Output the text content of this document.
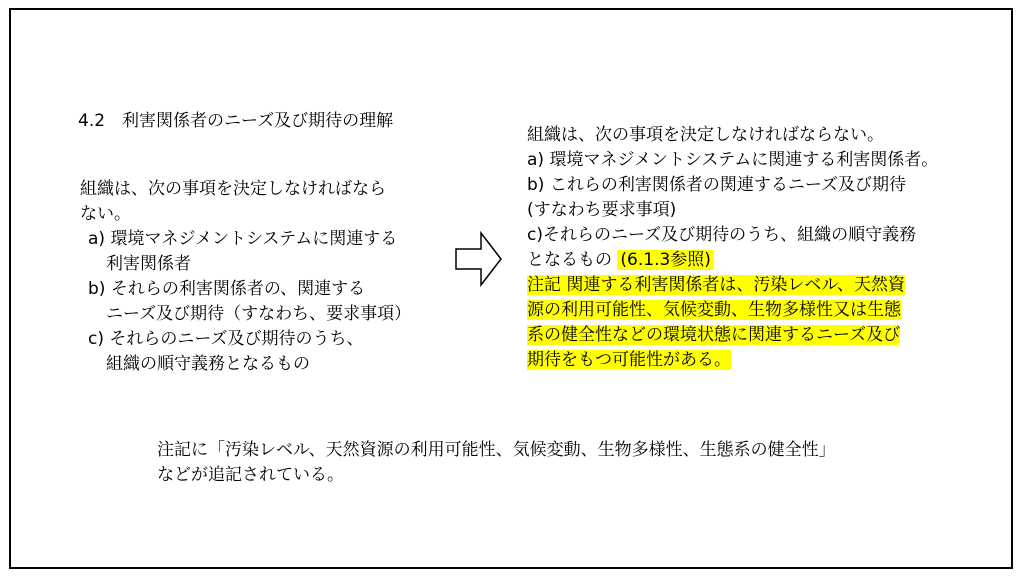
4.2　利害関係者のニーズ及び期待の理解

組織は、次の事項を決定しなければなら
ない。

a) 環境マネジメントシステムに関連する
利害関係者
b) それらの利害関係者の、関連する
ニーズ及び期待（すなわち、要求事項）
c) それらのニーズ及び期待のうち、
組織の順守義務となるもの
組織は、次の事項を決定しなければならない。
a) 環境マネジメントシステムに関連する利害関係者。
b) これらの利害関係者の関連するニーズ及び期待
(すなわち要求事項)
c)それらのニーズ及び期待のうち、組織の順守義務
となるもの (6.1.3参照)
注記 関連する利害関係者は、汚染レベル、天然資
源の利用可能性、気候変動、生物多様性又は生態
系の健全性などの環境状態に関連するニーズ及び
期待をもつ可能性がある。
注記に「汚染レベル、天然資源の利用可能性、気候変動、生物多様性、生態系の健全性」
などが追記されている。
